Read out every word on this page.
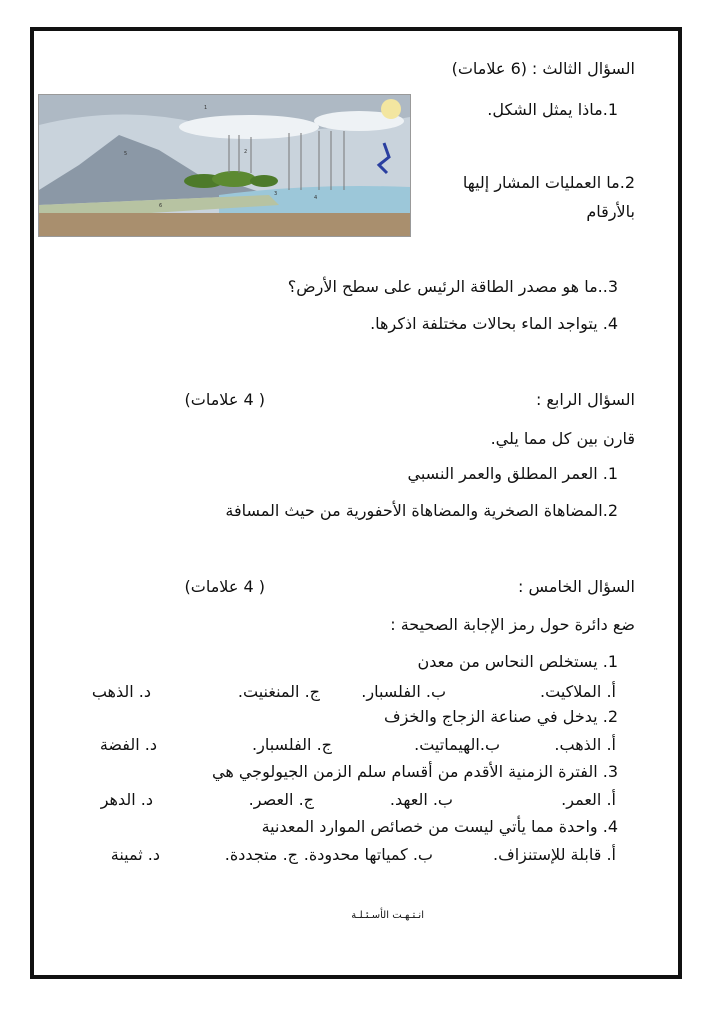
السؤال الثالث :
(6 علامات)
1
2
3
4
5
6
1.ماذا يمثل الشكل.
2.ما العمليات المشار إليها
بالأرقام
3..ما هو مصدر الطاقة الرئيس على سطح الأرض؟
4. يتواجد الماء بحالات مختلفة اذكرها.
السؤال الرابع :
( 4 علامات)
قارن بين كل مما يلي.
1. العمر المطلق والعمر النسبي
2.المضاهاة الصخرية والمضاهاة الأحفورية من حيث المسافة
السؤال الخامس :
( 4 علامات)
ضع دائرة حول رمز الإجابة الصحيحة :
1. يستخلص النحاس من معدن
أ. الملاكيت.
ب. الفلسبار.
ج. المنغنيت.
د. الذهب
2. يدخل في صناعة الزجاج والخزف
أ. الذهب.
ب.الهيماتيت.
ج. الفلسبار.
د. الفضة
3. الفترة الزمنية الأقدم من أقسام سلم الزمن الجيولوجي هي
أ. العمر.
ب. العهد.
ج. العصر.
د. الدهر
4. واحدة مما يأتي ليست من خصائص الموارد المعدنية
أ. قابلة للإستنزاف.
ب. كمياتها محدودة.
ج. متجددة.
د. ثمينة
انـتـهـت الأسـئـلـة
